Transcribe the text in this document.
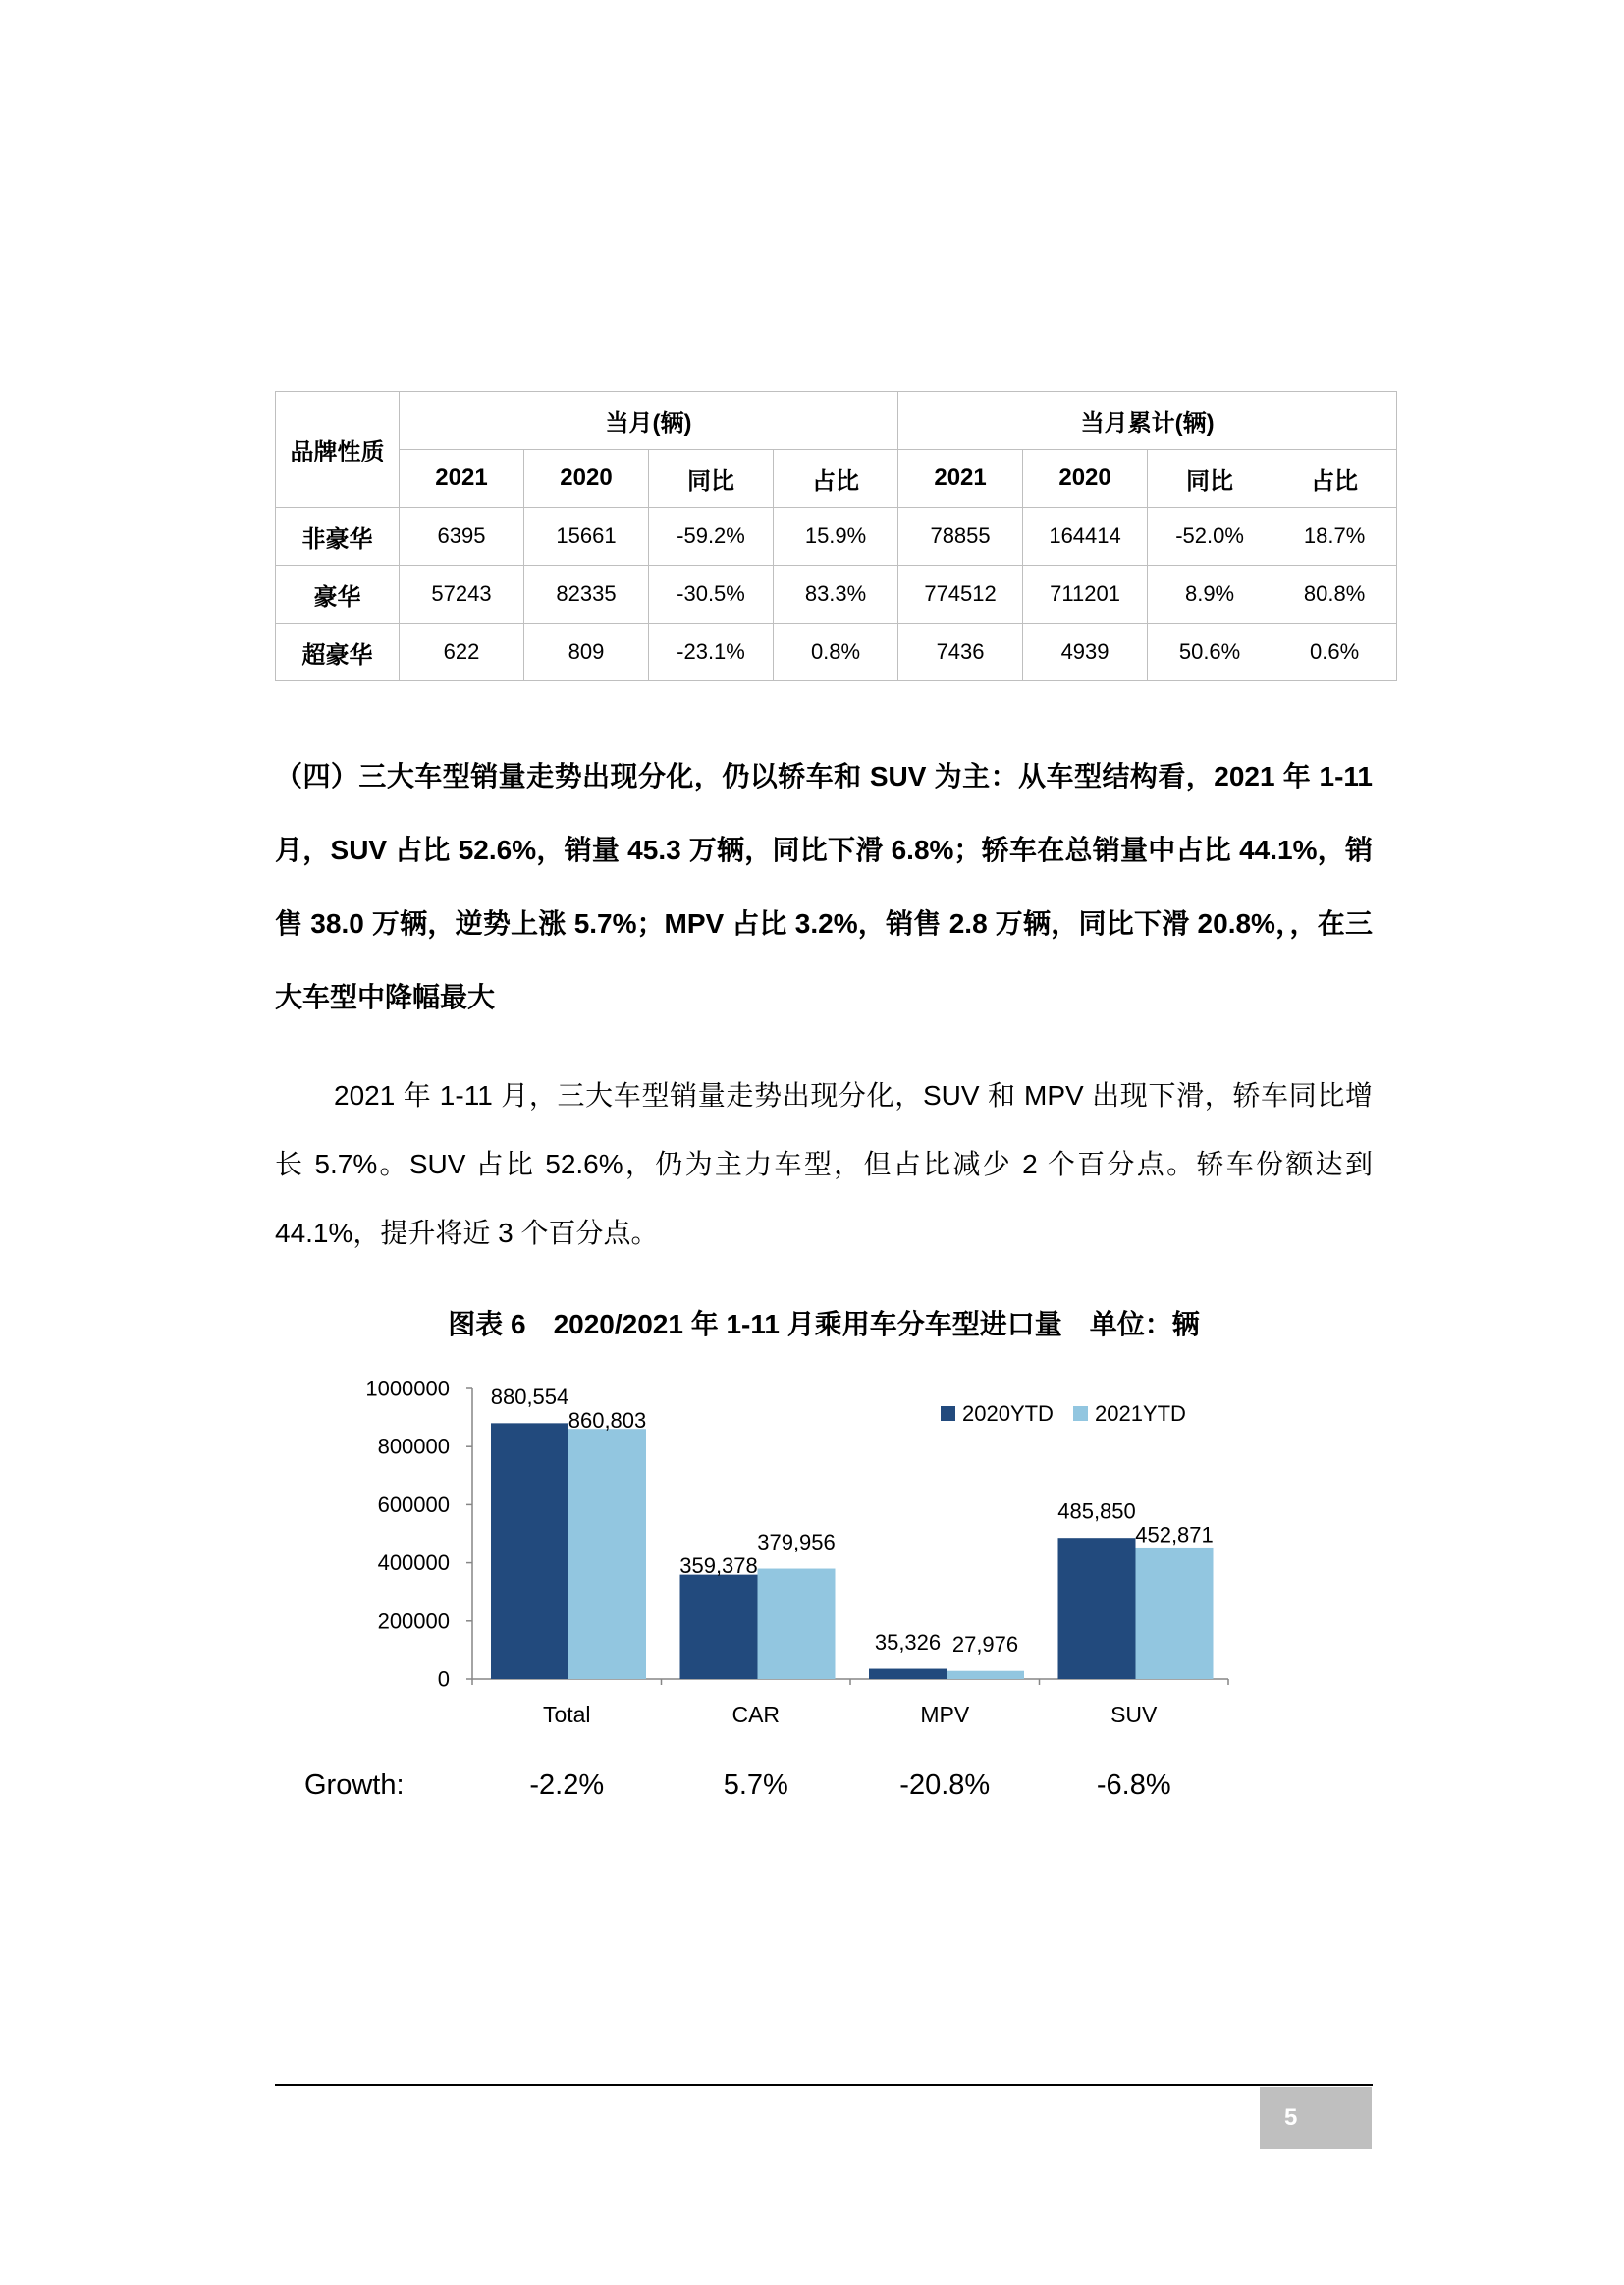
品牌性质	当月(辆)				当月累计(辆)			
	2021	2020	同比	占比	2021	2020	同比	占比
非豪华	6395	15661	-59.2%	15.9%	78855	164414	-52.0%	18.7%
豪华	57243	82335	-30.5%	83.3%	774512	711201	8.9%	80.8%
超豪华	622	809	-23.1%	0.8%	7436	4939	50.6%	0.6%

（四）三大车型销量走势出现分化，仍以轿车和 SUV 为主：从车型结构看，2021 年 1-11 月，SUV 占比 52.6%，销量 45.3 万辆，同比下滑 6.8%；轿车在总销量中占比 44.1%，销售 38.0 万辆，逆势上涨 5.7%；MPV 占比 3.2%，销售 2.8 万辆，同比下滑 20.8%，，在三大车型中降幅最大

2021 年 1-11 月，三大车型销量走势出现分化，SUV 和 MPV 出现下滑，轿车同比增长 5.7%。SUV 占比 52.6%，仍为主力车型，但占比减少 2 个百分点。轿车份额达到 44.1%，提升将近 3 个百分点。

图表 6　2020/2021 年 1-11 月乘用车分车型进口量　单位：辆
0
200000
400000
600000
800000
1000000 880,554
860,803
Total
-2.2%
359,378
379,956
CAR
5.7%
35,326 27,976
MPV
-20.8%
485,850
452,871
SUV
-6.8%
Growth:
2020YTD 2021YTD
5
